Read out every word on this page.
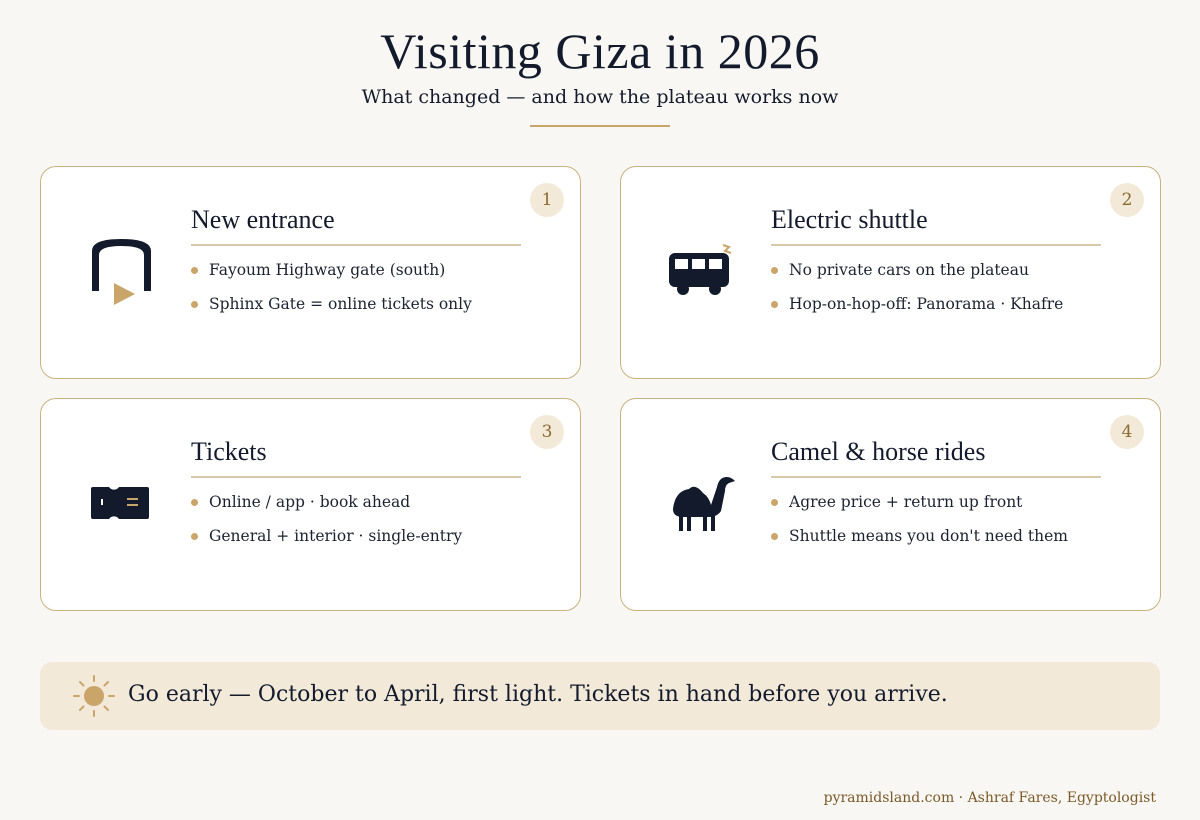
Visiting Giza in 2026
What changed — and how the plateau works now
1
New entrance
Fayoum Highway gate (south)
Sphinx Gate = online tickets only
2
Electric shuttle
No private cars on the plateau
Hop-on-hop-off: Panorama · Khafre
3
Tickets
Online / app · book ahead
General + interior · single-entry
4
Camel & horse rides
Agree price + return up front
Shuttle means you don't need them
Go early — October to April, first light. Tickets in hand before you arrive.
pyramidsland.com · Ashraf Fares, Egyptologist
